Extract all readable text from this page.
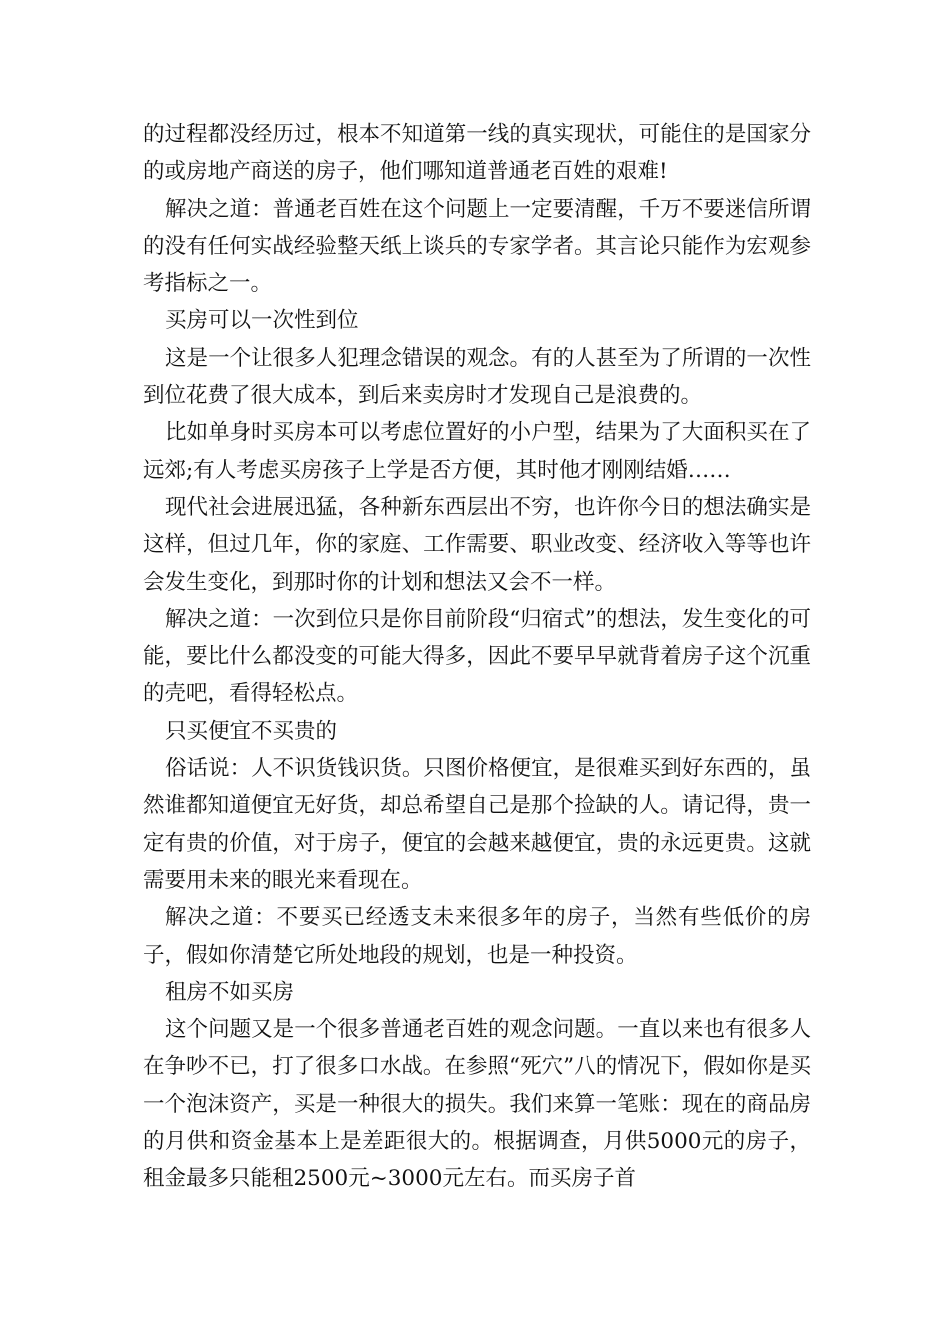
的过程都没经历过，根本不知道第一线的真实现状，可能住的是国家分的或房地产商送的房子，他们哪知道普通老百姓的艰难!

解决之道：普通老百姓在这个问题上一定要清醒，千万不要迷信所谓的没有任何实战经验整天纸上谈兵的专家学者。其言论只能作为宏观参考指标之一。

买房可以一次性到位

这是一个让很多人犯理念错误的观念。有的人甚至为了所谓的一次性到位花费了很大成本，到后来卖房时才发现自己是浪费的。

比如单身时买房本可以考虑位置好的小户型，结果为了大面积买在了远郊;有人考虑买房孩子上学是否方便，其时他才刚刚结婚……

现代社会进展迅猛，各种新东西层出不穷，也许你今日的想法确实是这样，但过几年，你的家庭、工作需要、职业改变、经济收入等等也许会发生变化，到那时你的计划和想法又会不一样。

解决之道：一次到位只是你目前阶段“归宿式”的想法，发生变化的可能，要比什么都没变的可能大得多，因此不要早早就背着房子这个沉重的壳吧，看得轻松点。

只买便宜不买贵的

俗话说：人不识货钱识货。只图价格便宜，是很难买到好东西的，虽然谁都知道便宜无好货，却总希望自己是那个捡缺的人。请记得，贵一定有贵的价值，对于房子，便宜的会越来越便宜，贵的永远更贵。这就需要用未来的眼光来看现在。

解决之道：不要买已经透支未来很多年的房子，当然有些低价的房子，假如你清楚它所处地段的规划，也是一种投资。

租房不如买房

这个问题又是一个很多普通老百姓的观念问题。一直以来也有很多人在争吵不已，打了很多口水战。在参照“死穴”八的情况下，假如你是买一个泡沫资产，买是一种很大的损失。我们来算一笔账：现在的商品房的月供和资金基本上是差距很大的。根据调查，月供5000元的房子，租金最多只能租2500元~3000元左右。而买房子首
